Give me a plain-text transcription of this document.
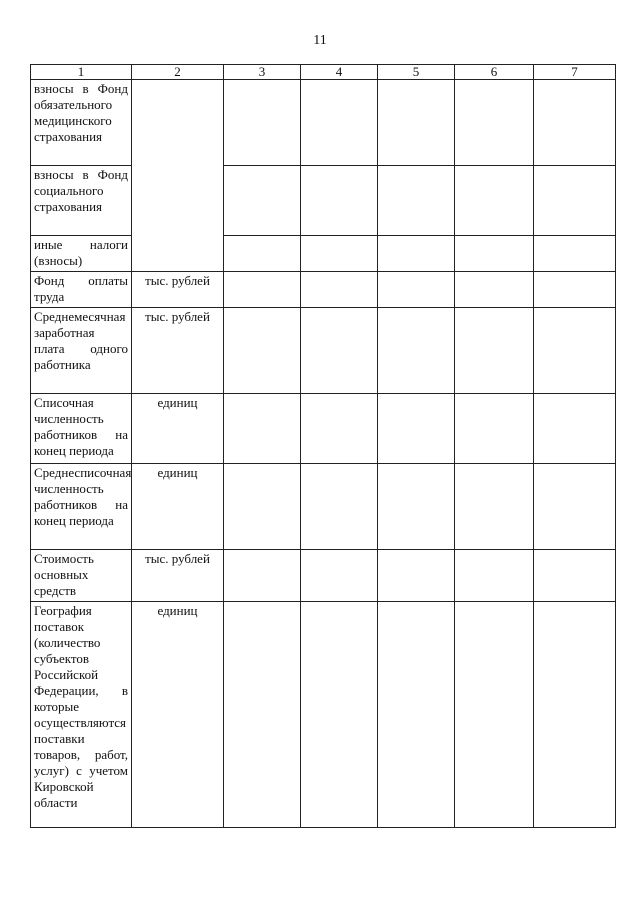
11
1	2	3	4	5	6	7
взносы в Фонд обязательного медицинского страхования						
взносы в Фонд социального страхования						
иные налоги (взносы)						
Фонд оплаты труда	тыс. рублей					
Среднемесячная заработная плата одного работника	тыс. рублей					
Списочная численность работников на конец периода	единиц					
Среднесписочная численность работников на конец периода	единиц					
Стоимость основных средств	тыс. рублей					
География поставок (количество субъектов Российской Федерации, в которые осуществляются поставки товаров, работ, услуг) с учетом Кировской области	единиц					
